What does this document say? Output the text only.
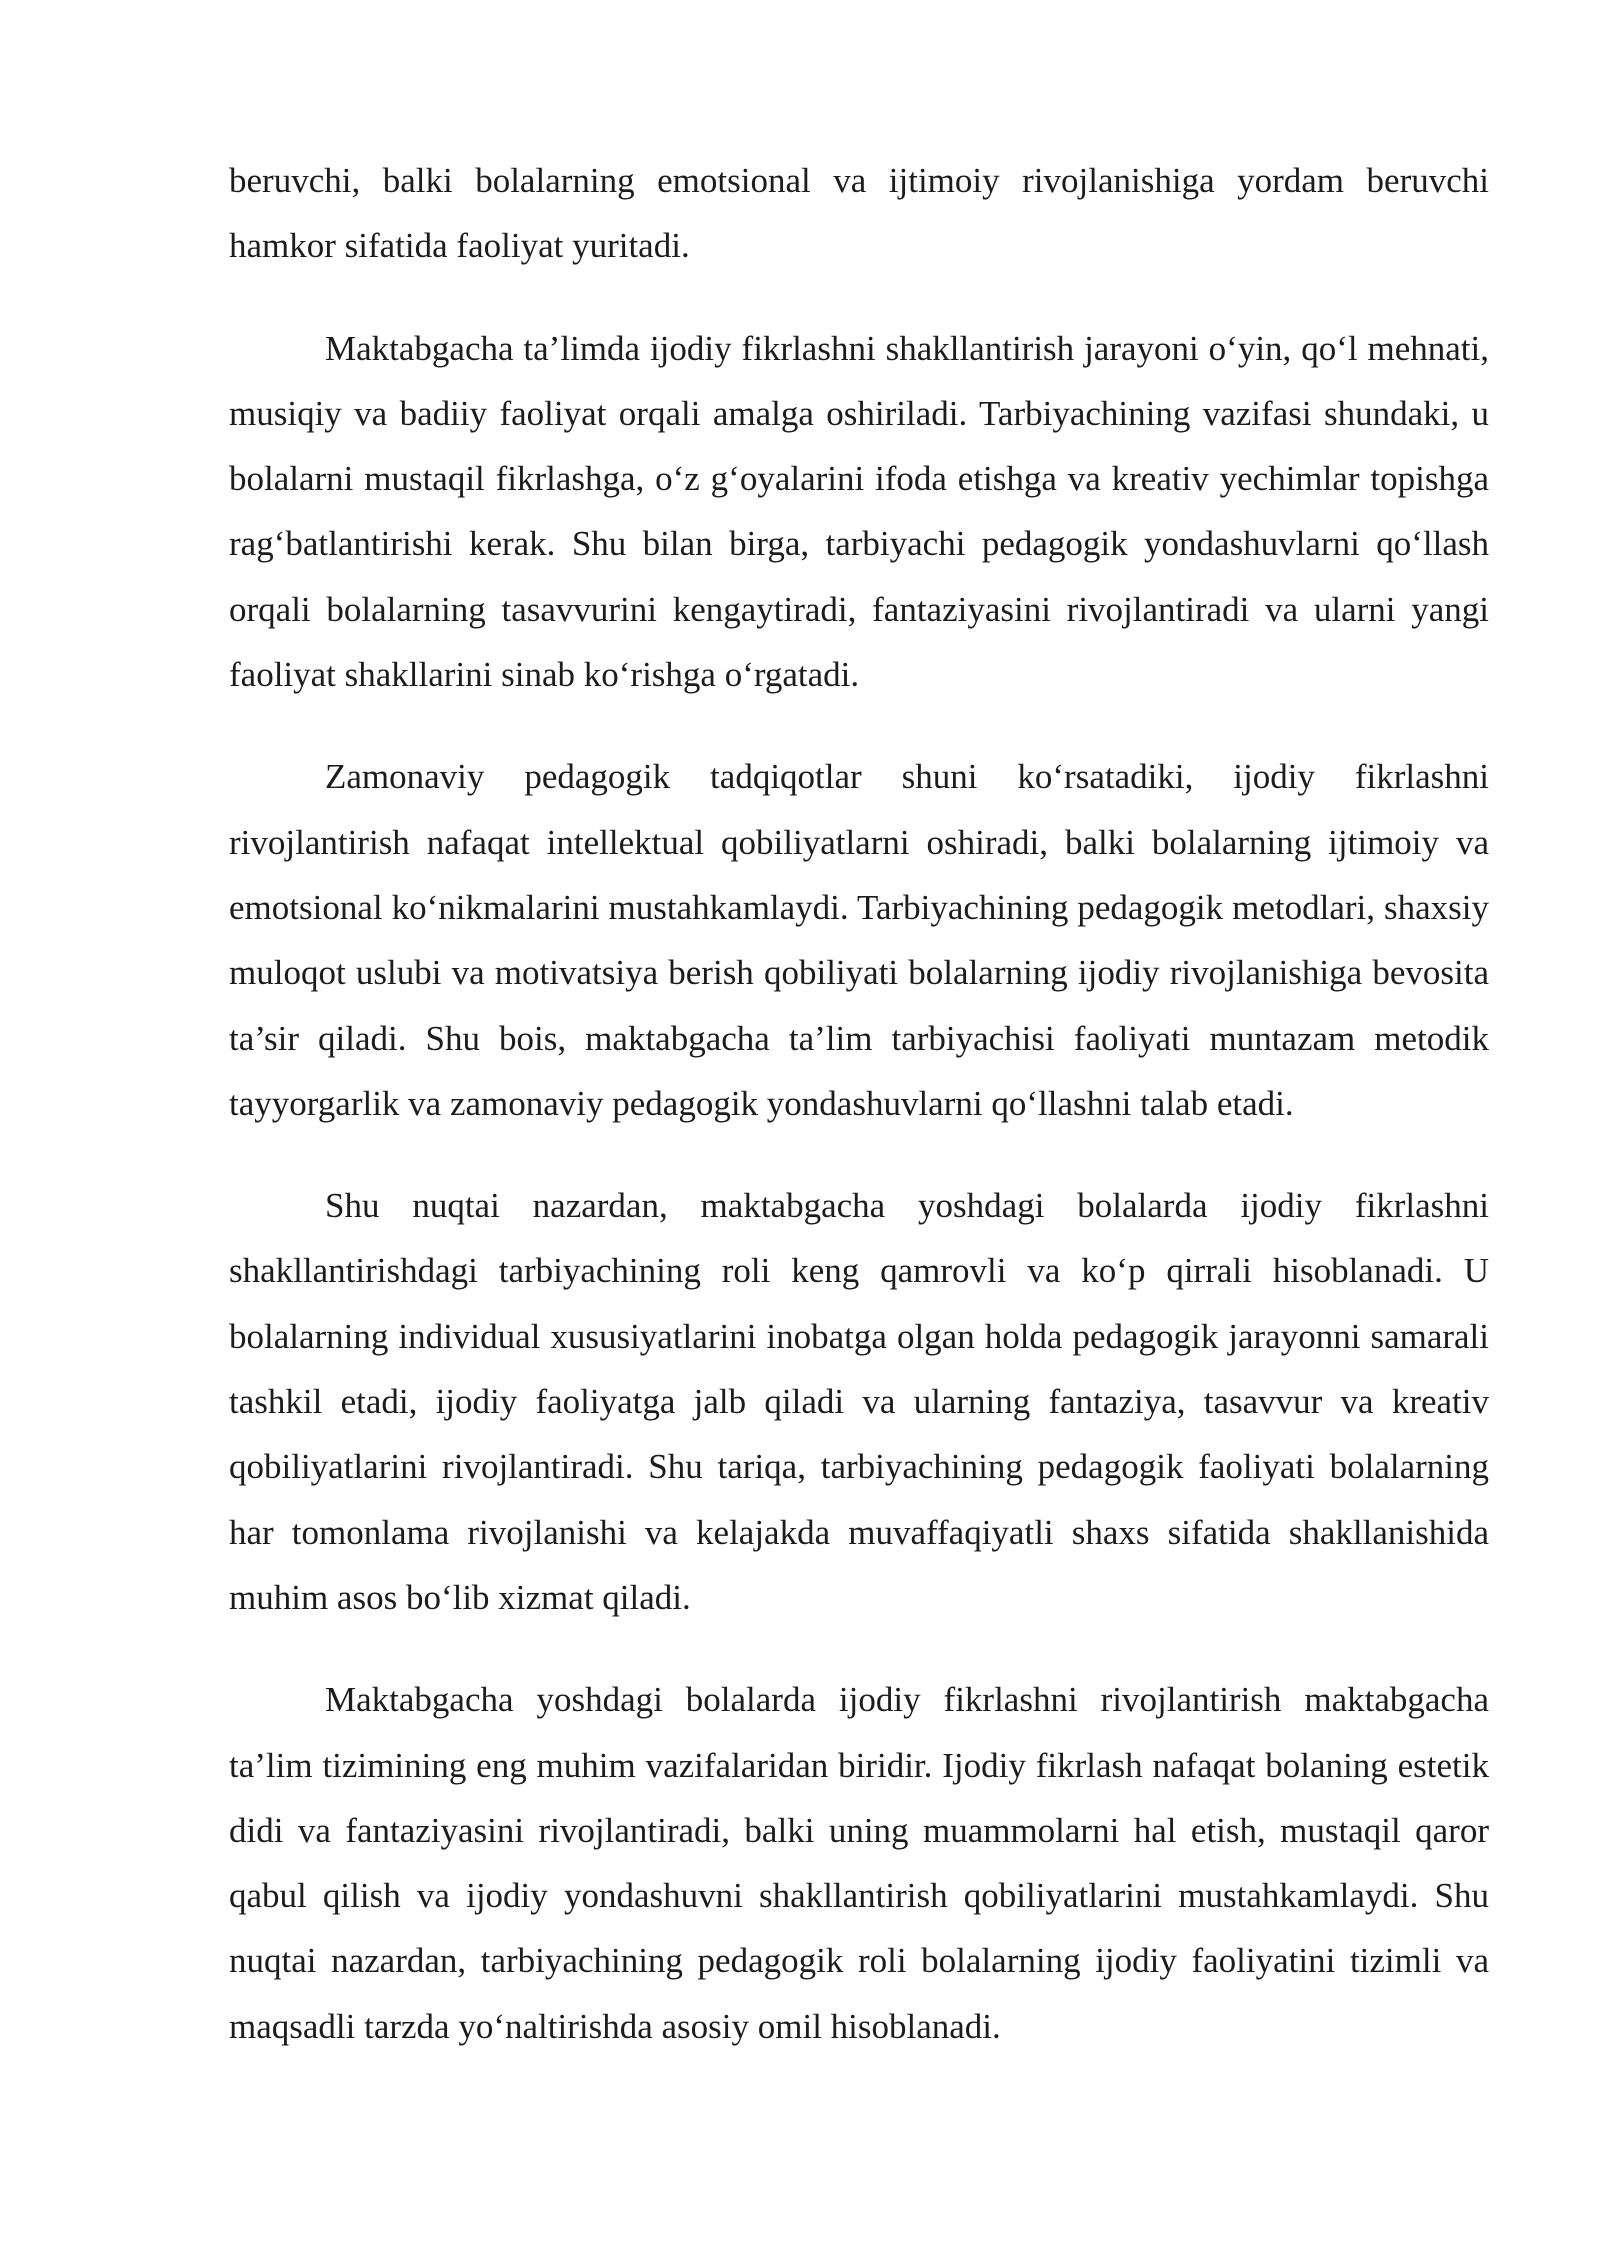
beruvchi, balki bolalarning emotsional va ijtimoiy rivojlanishiga yordam beruvchi hamkor sifatida faoliyat yuritadi.

Maktabgacha ta’limda ijodiy fikrlashni shakllantirish jarayoni o‘yin, qo‘l mehnati, musiqiy va badiiy faoliyat orqali amalga oshiriladi. Tarbiyachining vazifasi shundaki, u bolalarni mustaqil fikrlashga, o‘z g‘oyalarini ifoda etishga va kreativ yechimlar topishga rag‘batlantirishi kerak. Shu bilan birga, tarbiyachi pedagogik yondashuvlarni qo‘llash orqali bolalarning tasavvurini kengaytiradi, fantaziyasini rivojlantiradi va ularni yangi faoliyat shakllarini sinab ko‘rishga o‘rgatadi.

Zamonaviy pedagogik tadqiqotlar shuni ko‘rsatadiki, ijodiy fikrlashni rivojlantirish nafaqat intellektual qobiliyatlarni oshiradi, balki bolalarning ijtimoiy va emotsional ko‘nikmalarini mustahkamlaydi. Tarbiyachining pedagogik metodlari, shaxsiy muloqot uslubi va motivatsiya berish qobiliyati bolalarning ijodiy rivojlanishiga bevosita ta’sir qiladi. Shu bois, maktabgacha ta’lim tarbiyachisi faoliyati muntazam metodik tayyorgarlik va zamonaviy pedagogik yondashuvlarni qo‘llashni talab etadi.

Shu nuqtai nazardan, maktabgacha yoshdagi bolalarda ijodiy fikrlashni shakllantirishdagi tarbiyachining roli keng qamrovli va ko‘p qirrali hisoblanadi. U bolalarning individual xususiyatlarini inobatga olgan holda pedagogik jarayonni samarali tashkil etadi, ijodiy faoliyatga jalb qiladi va ularning fantaziya, tasavvur va kreativ qobiliyatlarini rivojlantiradi. Shu tariqa, tarbiyachining pedagogik faoliyati bolalarning har tomonlama rivojlanishi va kelajakda muvaffaqiyatli shaxs sifatida shakllanishida muhim asos bo‘lib xizmat qiladi.

Maktabgacha yoshdagi bolalarda ijodiy fikrlashni rivojlantirish maktabgacha ta’lim tizimining eng muhim vazifalaridan biridir. Ijodiy fikrlash nafaqat bolaning estetik didi va fantaziyasini rivojlantiradi, balki uning muammolarni hal etish, mustaqil qaror qabul qilish va ijodiy yondashuvni shakllantirish qobiliyatlarini mustahkamlaydi. Shu nuqtai nazardan, tarbiyachining pedagogik roli bolalarning ijodiy faoliyatini tizimli va maqsadli tarzda yo‘naltirishda asosiy omil hisoblanadi.
